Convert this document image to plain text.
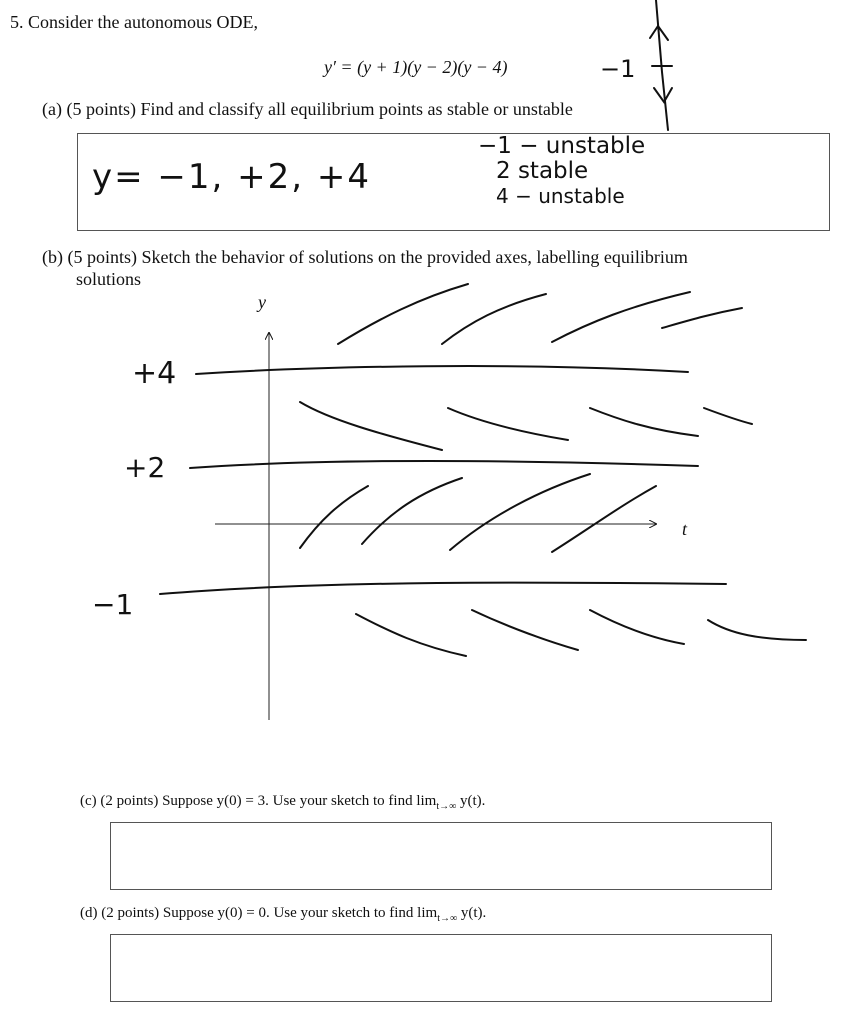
5. Consider the autonomous ODE,
y′ = (y + 1)(y − 2)(y − 4)
(a) (5 points) Find and classify all equilibrium points as stable or unstable
y= −1, +2, +4
−1 − unstable
2 stable
4 − unstable
−1
(b) (5 points) Sketch the behavior of solutions on the provided axes, labelling equilibrium
solutions
y
t
+4
+2
−1
(c) (2 points) Suppose y(0) = 3. Use your sketch to find $\lim_{t\to\infty} y(t)$.
(d) (2 points) Suppose y(0) = 0. Use your sketch to find $\lim_{t\to\infty} y(t)$.
